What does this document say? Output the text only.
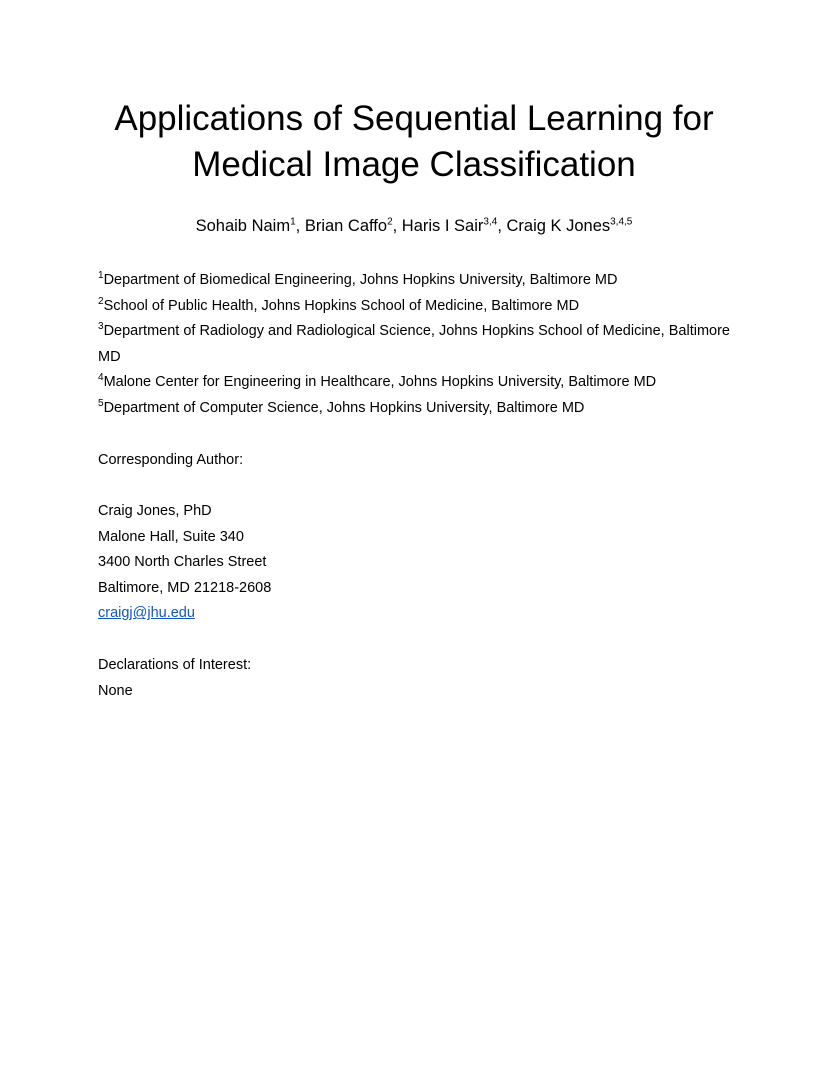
Applications of Sequential Learning for
Medical Image Classification
Sohaib Naim$^1$, Brian Caffo$^2$, Haris I Sair$^{3,4}$, Craig K Jones$^{3,4,5}$
$^1$Department of Biomedical Engineering, Johns Hopkins University, Baltimore MD
$^2$School of Public Health, Johns Hopkins School of Medicine, Baltimore MD
$^3$Department of Radiology and Radiological Science, Johns Hopkins School of Medicine, Baltimore MD
$^4$Malone Center for Engineering in Healthcare, Johns Hopkins University, Baltimore MD
$^5$Department of Computer Science, Johns Hopkins University, Baltimore MD
Corresponding Author:
Craig Jones, PhD
Malone Hall, Suite 340
3400 North Charles Street
Baltimore, MD 21218-2608
craigj@jhu.edu
Declarations of Interest:
None
